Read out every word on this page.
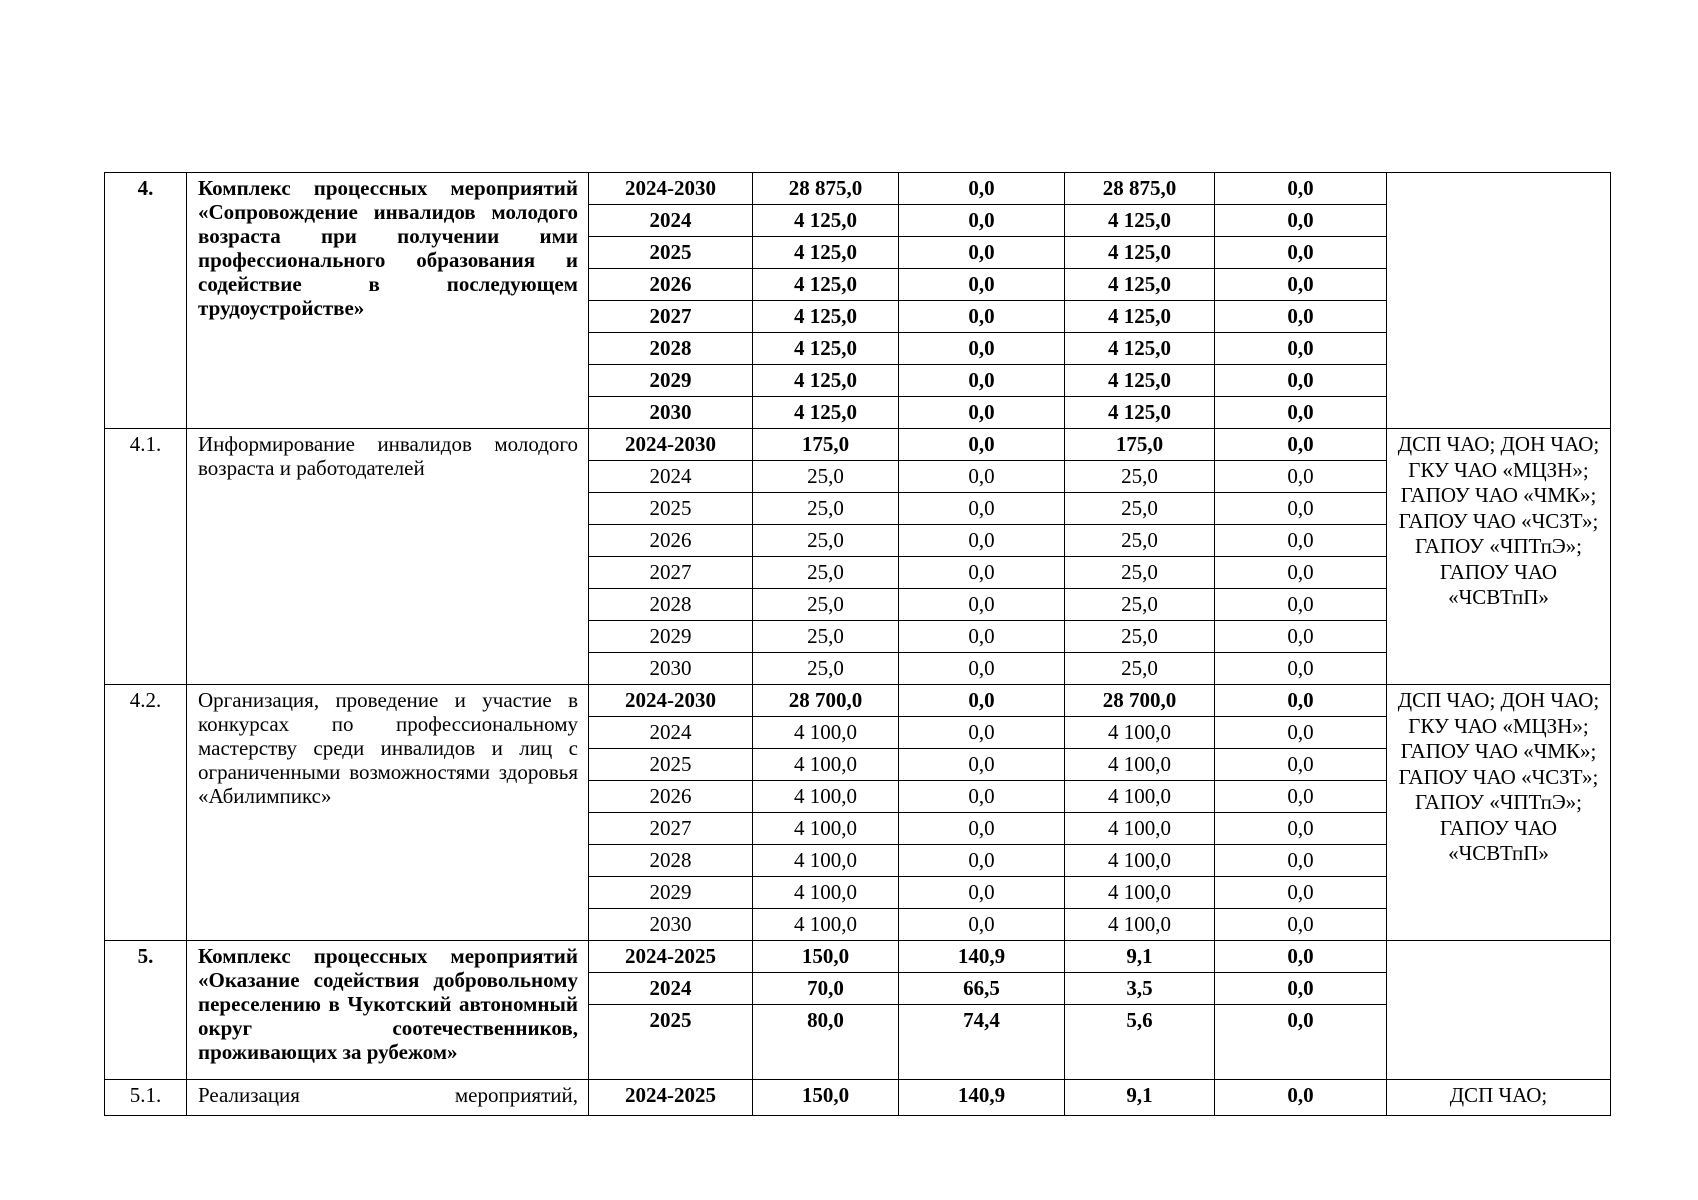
4.	Комплекс процессных мероприятий «Сопровождение инвалидов молодого возраста при получении ими профессионального образования и содействие в последующем трудоустройстве»	2024-2030	28 875,0	0,0	28 875,0	0,0	
		2024	4 125,0	0,0	4 125,0	0,0	
		2025	4 125,0	0,0	4 125,0	0,0	
		2026	4 125,0	0,0	4 125,0	0,0	
		2027	4 125,0	0,0	4 125,0	0,0	
		2028	4 125,0	0,0	4 125,0	0,0	
		2029	4 125,0	0,0	4 125,0	0,0	
		2030	4 125,0	0,0	4 125,0	0,0	
4.1.	Информирование инвалидов молодого возраста и работодателей	2024-2030	175,0	0,0	175,0	0,0	ДСП ЧАО; ДОН ЧАО; ГКУ ЧАО «МЦЗН»; ГАПОУ ЧАО «ЧМК»; ГАПОУ ЧАО «ЧСЗТ»; ГАПОУ «ЧПТпЭ»; ГАПОУ ЧАО «ЧСВТпП»
		2024	25,0	0,0	25,0	0,0	
		2025	25,0	0,0	25,0	0,0	
		2026	25,0	0,0	25,0	0,0	
		2027	25,0	0,0	25,0	0,0	
		2028	25,0	0,0	25,0	0,0	
		2029	25,0	0,0	25,0	0,0	
		2030	25,0	0,0	25,0	0,0	
4.2.	Организация, проведение и участие в конкурсах по профессиональному мастерству среди инвалидов и лиц с ограниченными возможностями здоровья «Абилимпикс»	2024-2030	28 700,0	0,0	28 700,0	0,0	ДСП ЧАО; ДОН ЧАО; ГКУ ЧАО «МЦЗН»; ГАПОУ ЧАО «ЧМК»; ГАПОУ ЧАО «ЧСЗТ»; ГАПОУ «ЧПТпЭ»; ГАПОУ ЧАО «ЧСВТпП»
		2024	4 100,0	0,0	4 100,0	0,0	
		2025	4 100,0	0,0	4 100,0	0,0	
		2026	4 100,0	0,0	4 100,0	0,0	
		2027	4 100,0	0,0	4 100,0	0,0	
		2028	4 100,0	0,0	4 100,0	0,0	
		2029	4 100,0	0,0	4 100,0	0,0	
		2030	4 100,0	0,0	4 100,0	0,0	
5.	Комплекс процессных мероприятий «Оказание содействия добровольному переселению в Чукотский автономный округ соотечественников, проживающих за рубежом»	2024-2025	150,0	140,9	9,1	0,0	
		2024	70,0	66,5	3,5	0,0	
		2025	80,0	74,4	5,6	0,0	
5.1.	Реализация мероприятий,	2024-2025	150,0	140,9	9,1	0,0	ДСП ЧАО;
